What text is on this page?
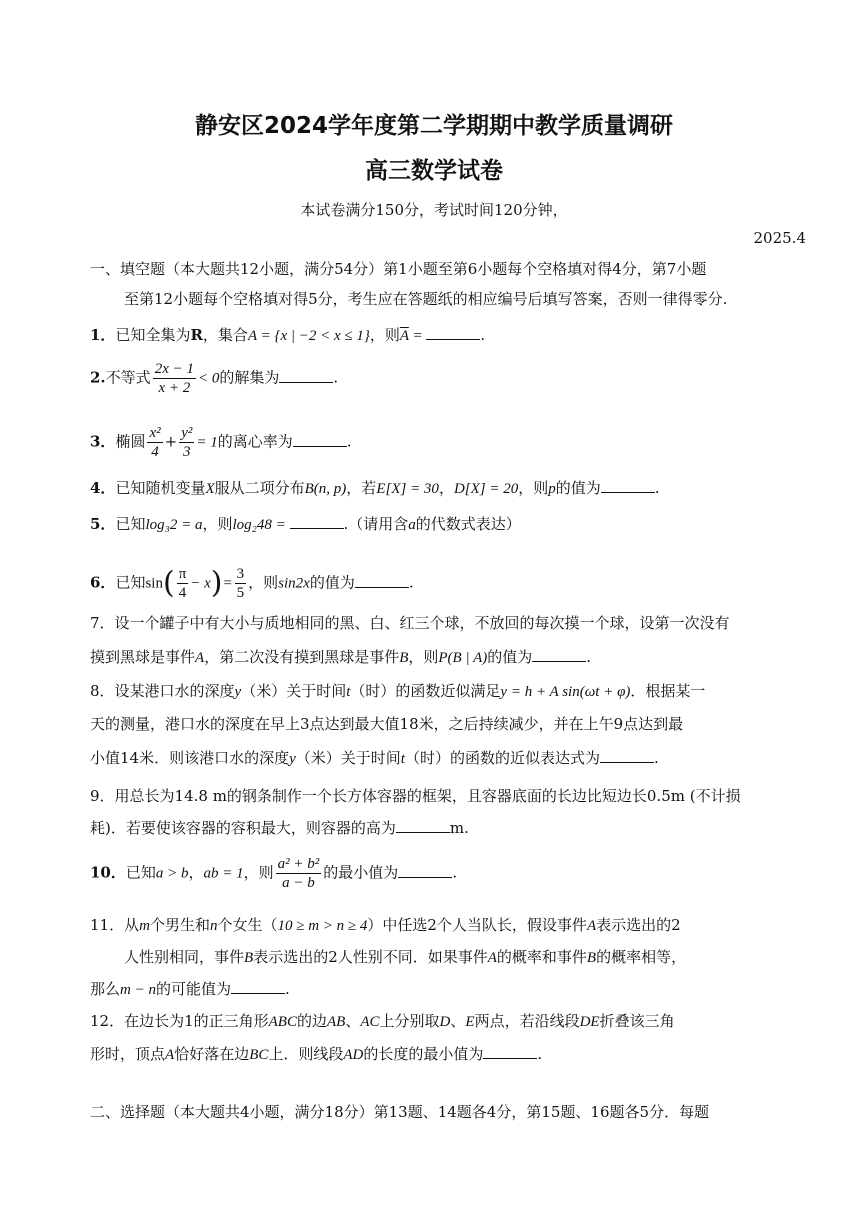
静安区2024学年度第二学期期中教学质量调研
高三数学试卷
本试卷满分150分，考试时间120分钟，
2025.4
一、填空题（本大题共12小题，满分54分）第1小题至第6小题每个空格填对得4分，第7小题
至第12小题每个空格填对得5分，考生应在答题纸的相应编号后填写答案，否则一律得零分.
1．已知全集为R，集合A = {x | −2 < x ≤ 1}，则$\overline{A}$ =	.
2.不等式 $\frac{2x - 1}{x + 2} < 0$的解集为	.
3．椭圆 $\frac{\text{x²}}{4} + \frac{\text{y²}}{3} = 1$的离心率为	.
4．已知随机变量X服从二项分布B(n, p)，若E[X] = 30，D[X] = 20，则p的值为	.
5．已知log₃2 = a，则log₂48 =	.（请用含a的代数式表达）
6．已知$\sin( \frac{\pi}{4} - x)= \frac{3}{5}$ ，则sin2x的值为	.
7．设一个罐子中有大小与质地相同的黑、白、红三个球，不放回的每次摸一个球，设第一次没有
摸到黑球是事件A，第二次没有摸到黑球是事件B，则P(B | A)的值为	.
8．设某港口水的深度y（米）关于时间t（时）的函数近似满足y = h + A sin(ωt + φ)．根据某一
天的测量，港口水的深度在早上3点达到最大值18米，之后持续减少，并在上午9点达到最
小值14米．则该港口水的深度y（米）关于时间t（时）的函数的近似表达式为	.
9．用总长为14.8 m的钢条制作一个长方体容器的框架，且容器底面的长边比短边长0.5m (不计损
耗)．若要使该容器的容积最大，则容器的高为	m.
10．已知a > b，ab = 1，则 $\frac{\text{a² + b²}}{a - b}$ 的最小值为	.
11．从m个男生和n个女生（10 ≥ m > n ≥ 4）中任选2个人当队长，假设事件A表示选出的2
人性别相同，事件B表示选出的2人性别不同．如果事件A的概率和事件B的概率相等，
那么m − n的可能值为	.
12．在边长为1的正三角形ABC的边AB、AC上分别取D、E两点，若沿线段DE折叠该三角
形时，顶点A恰好落在边BC上．则线段AD的长度的最小值为	.
二、选择题（本大题共4小题，满分18分）第13题、14题各4分，第15题、16题各5分．每题
